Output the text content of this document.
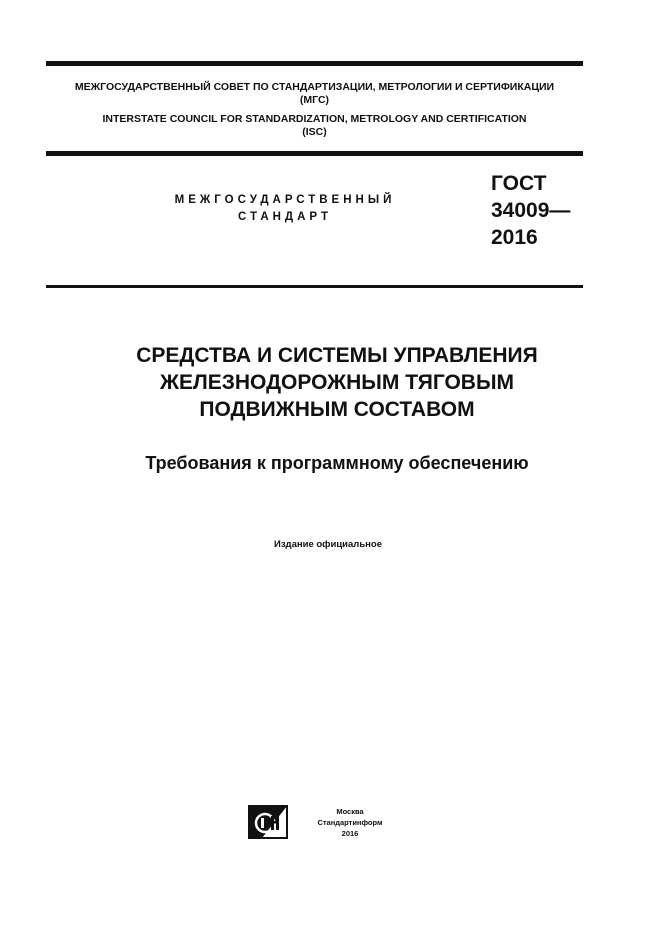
МЕЖГОСУДАРСТВЕННЫЙ СОВЕТ ПО СТАНДАРТИЗАЦИИ, МЕТРОЛОГИИ И СЕРТИФИКАЦИИ
(МГС)
INTERSTATE COUNCIL FOR STANDARDIZATION, METROLOGY AND CERTIFICATION
(ISC)
МЕЖГОСУДАРСТВЕННЫЙ
СТАНДАРТ
ГОСТ
34009—
2016
СРЕДСТВА И СИСТЕМЫ УПРАВЛЕНИЯ
ЖЕЛЕЗНОДОРОЖНЫМ ТЯГОВЫМ
ПОДВИЖНЫМ СОСТАВОМ
Требования к программному обеспечению
Издание официальное
Москва
Стандартинформ
2016
